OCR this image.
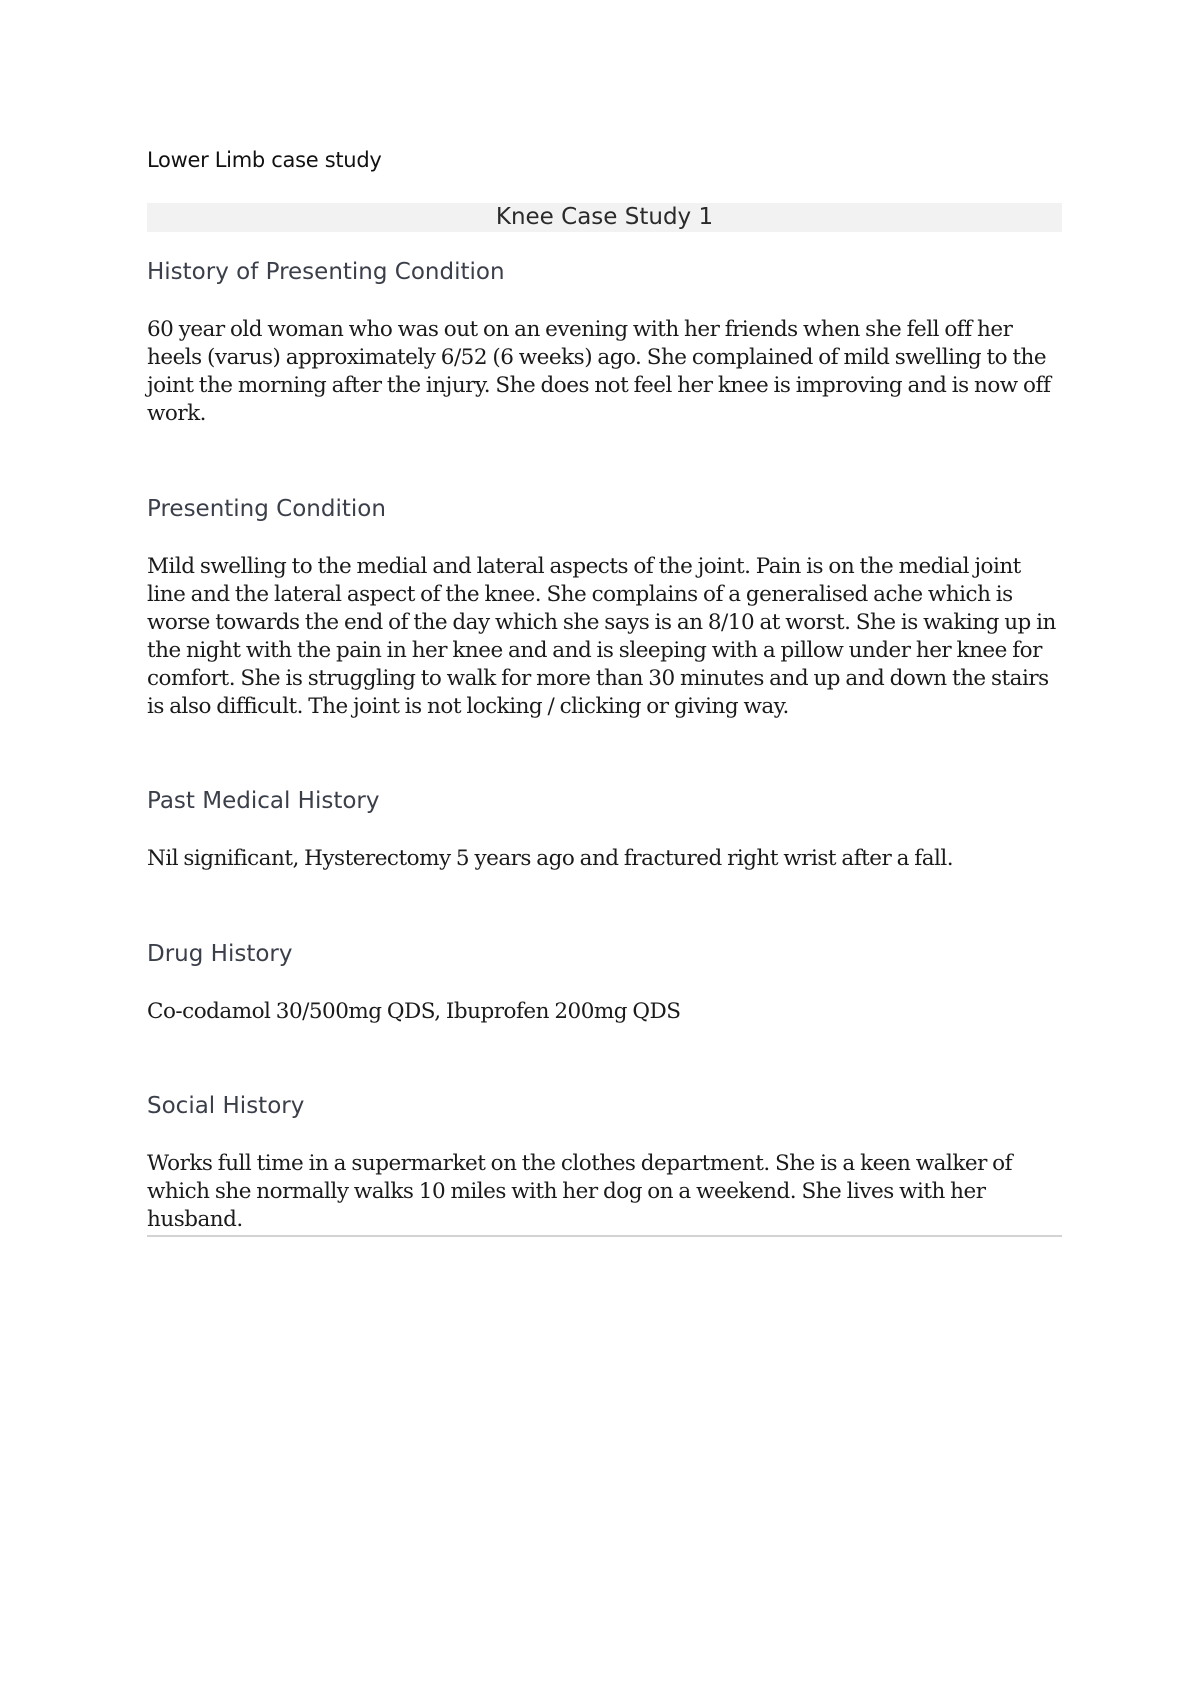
Lower Limb case study
Knee Case Study 1
History of Presenting Condition
60 year old woman who was out on an evening with her friends when she fell off her heels (varus) approximately 6/52 (6 weeks) ago. She complained of mild swelling to the joint the morning after the injury. She does not feel her knee is improving and is now off work.
Presenting Condition
Mild swelling to the medial and lateral aspects of the joint. Pain is on the medial joint line and the lateral aspect of the knee. She complains of a generalised ache which is worse towards the end of the day which she says is an 8/10 at worst. She is waking up in the night with the pain in her knee and and is sleeping with a pillow under her knee for comfort. She is struggling to walk for more than 30 minutes and up and down the stairs is also difficult. The joint is not locking / clicking or giving way.
Past Medical History
Nil significant, Hysterectomy 5 years ago and fractured right wrist after a fall.
Drug History
Co-codamol 30/500mg QDS, Ibuprofen 200mg QDS
Social History
Works full time in a supermarket on the clothes department. She is a keen walker of which she normally walks 10 miles with her dog on a weekend. She lives with her husband.
